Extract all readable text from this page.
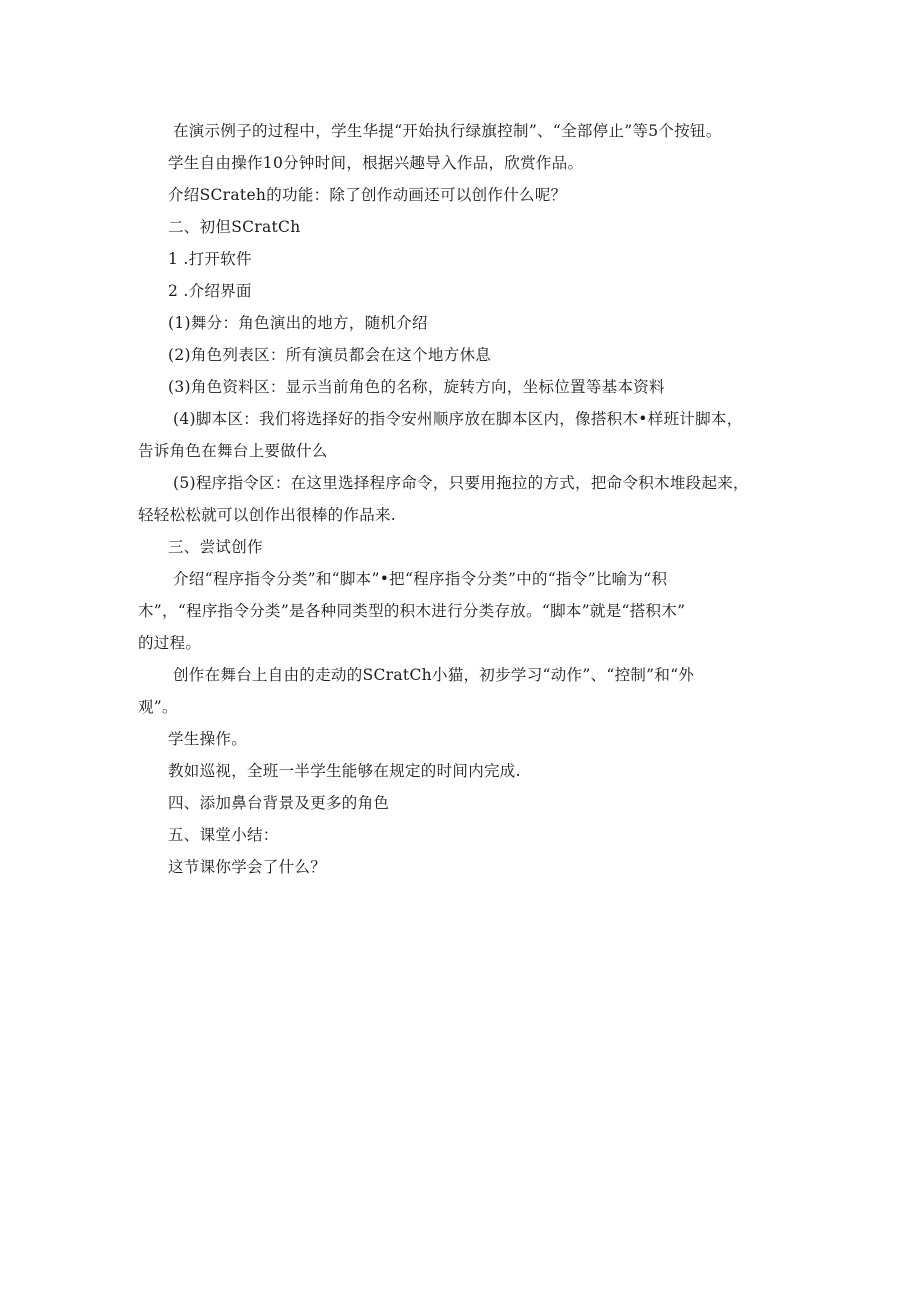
在演示例子的过程中，学生华提“开始执行绿旗控制”、“全部停止”等5个按钮。
学生自由操作10分钟时间，根据兴趣导入作品，欣赏作品。
介绍SCrateh的功能：除了创作动画还可以创作什么呢？
二、初但SCratCh
1 .打开软件
2 .介绍界面
(1)舞分：角色演出的地方，随机介绍
(2)角色列表区：所有演员都会在这个地方休息
(3)角色资料区：显示当前角色的名称，旋转方向，坐标位置等基本资料
(4)脚本区：我们将选择好的指令安州顺序放在脚本区内，像搭积木•样班计脚本，
告诉角色在舞台上要做什么
(5)程序指令区：在这里选择程序命令，只要用拖拉的方式，把命令积木堆段起来，
轻轻松松就可以创作出很棒的作品来.
三、尝试创作
介绍“程序指令分类”和“脚本”•把“程序指令分类”中的“指令”比喻为“积
木”，“程序指令分类”是各种同类型的积木进行分类存放。“脚本”就是“搭积木”
的过程。
创作在舞台上自由的走动的SCratCh小猫，初步学习“动作”、“控制”和“外
观”。
学生操作。
教如巡视，全班一半学生能够在规定的时间内完成.
四、添加鼻台背景及更多的角色
五、课堂小结：
这节课你学会了什么？
